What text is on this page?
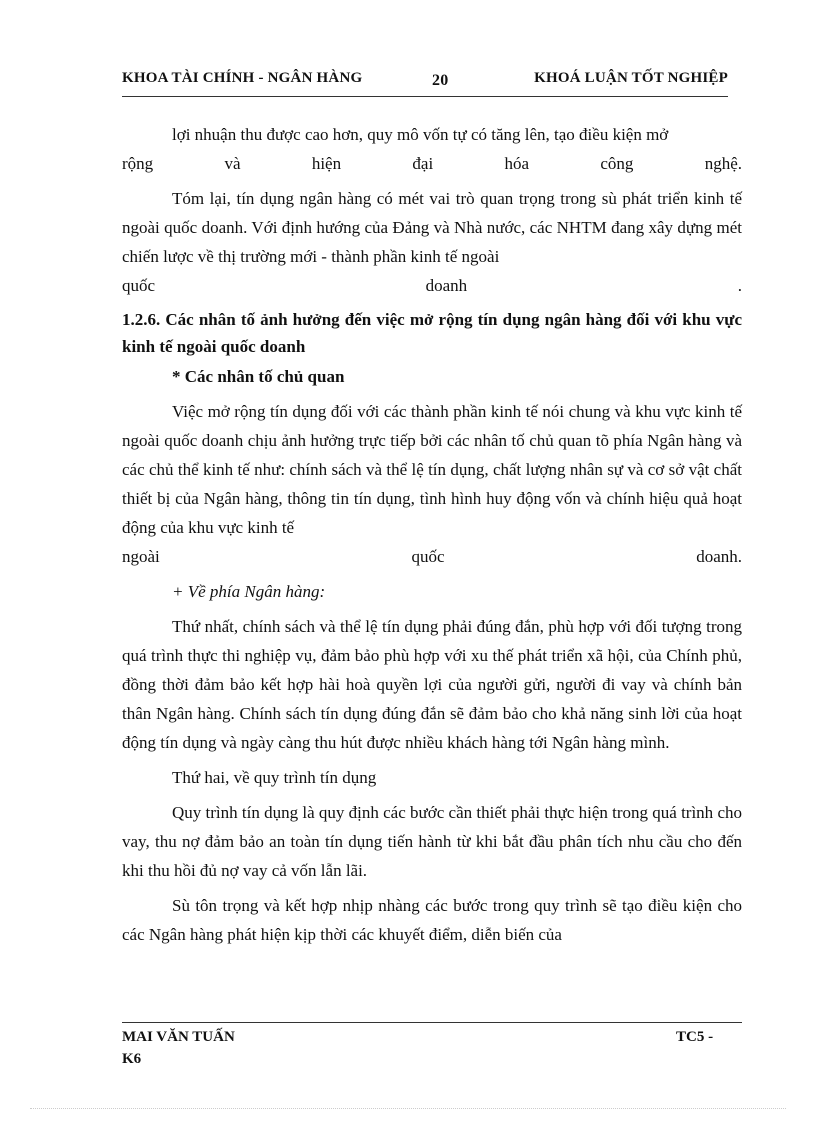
KHOA TÀI CHÍNH - NGÂN HÀNG	20	KHOÁ LUẬN TỐT NGHIỆP

lợi nhuận thu được cao hơn, quy mô vốn tự có tăng lên, tạo điều kiện mở

rộng và hiện đại hóa công nghệ.

Tóm lại, tín dụng ngân hàng có mét vai trò quan trọng trong sù phát triển kinh tế ngoài quốc doanh. Với định hướng của Đảng và Nhà nước, các NHTM đang xây dựng mét chiến lược về thị trường mới - thành phần kinh tế ngoài

quốc doanh .

1.2.6. Các nhân tố ảnh hưởng đến việc mở rộng tín dụng ngân hàng đối với khu vực kinh tế ngoài quốc doanh

* Các nhân tố chủ quan

Việc mở rộng tín dụng đối với các thành phần kinh tế nói chung và khu vực kinh tế ngoài quốc doanh chịu ảnh hưởng trực tiếp bởi các nhân tố chủ quan tõ phía Ngân hàng và các chủ thể kinh tế như: chính sách và thể lệ tín dụng, chất lượng nhân sự và cơ sở vật chất thiết bị của Ngân hàng, thông tin tín dụng, tình hình huy động vốn và chính hiệu quả hoạt động của khu vực kinh tế

ngoài quốc doanh.

+ Về phía Ngân hàng:

Thứ nhất, chính sách và thể lệ tín dụng phải đúng đắn, phù hợp với đối tượng trong quá trình thực thi nghiệp vụ, đảm bảo phù hợp với xu thế phát triển xã hội, của Chính phủ, đồng thời đảm bảo kết hợp hài hoà quyền lợi của người gửi, người đi vay và chính bản thân Ngân hàng. Chính sách tín dụng đúng đắn sẽ đảm bảo cho khả năng sinh lời của hoạt động tín dụng và ngày càng thu hút được nhiều khách hàng tới Ngân hàng mình.

Thứ hai, về quy trình tín dụng

Quy trình tín dụng là quy định các bước cần thiết phải thực hiện trong quá trình cho vay, thu nợ đảm bảo an toàn tín dụng tiến hành từ khi bắt đầu phân tích nhu cầu cho đến khi thu hồi đủ nợ vay cả vốn lẫn lãi.

Sù tôn trọng và kết hợp nhịp nhàng các bước trong quy trình sẽ tạo điều kiện cho các Ngân hàng phát hiện kịp thời các khuyết điểm, diễn biến của

MAI VĂN TUẤN	TC5 -
K6
